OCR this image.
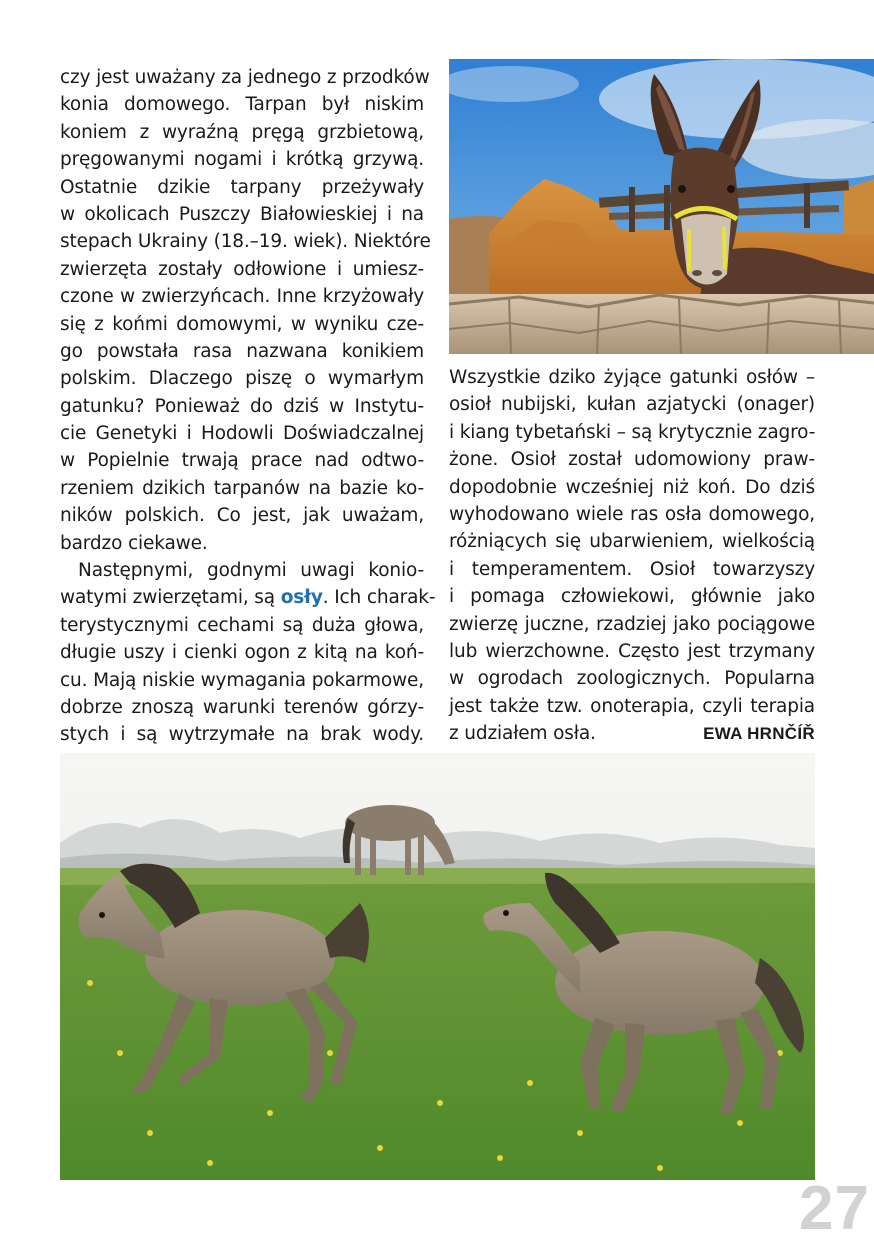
czy jest uważany za jednego z przodków
konia domowego. Tarpan był niskim
koniem z wyraźną pręgą grzbietową,
pręgowanymi nogami i krótką grzywą.
Ostatnie dzikie tarpany przeżywały
w okolicach Puszczy Białowieskiej i na
stepach Ukrainy (18.–19. wiek). Niektóre
zwierzęta zostały odłowione i umiesz-
czone w zwierzyńcach. Inne krzyżowały
się z końmi domowymi, w wyniku cze-
go powstała rasa nazwana konikiem
polskim. Dlaczego piszę o wymarłym
gatunku? Ponieważ do dziś w Instytu-
cie Genetyki i Hodowli Doświadczalnej
w Popielnie trwają prace nad odtwo-
rzeniem dzikich tarpanów na bazie ko-
ników polskich. Co jest, jak uważam,
bardzo ciekawe.
Następnymi, godnymi uwagi konio-
watymi zwierzętami, są osły. Ich charak-
terystycznymi cechami są duża głowa,
długie uszy i cienki ogon z kitą na koń-
cu. Mają niskie wymagania pokarmowe,
dobrze znoszą warunki terenów górzy-
stych i są wytrzymałe na brak wody.
Wszystkie dziko żyjące gatunki osłów –
osioł nubijski, kułan azjatycki (onager)
i kiang tybetański – są krytycznie zagro-
żone. Osioł został udomowiony praw-
dopodobnie wcześniej niż koń. Do dziś
wyhodowano wiele ras osła domowego,
różniących się ubarwieniem, wielkością
i temperamentem. Osioł towarzyszy
i pomaga człowiekowi, głównie jako
zwierzę juczne, rzadziej jako pociągowe
lub wierzchowne. Często jest trzymany
w ogrodach zoologicznych. Popularna
jest także tzw. onoterapia, czyli terapia
z udziałem osła.	EWA HRNČÍŘ
27
